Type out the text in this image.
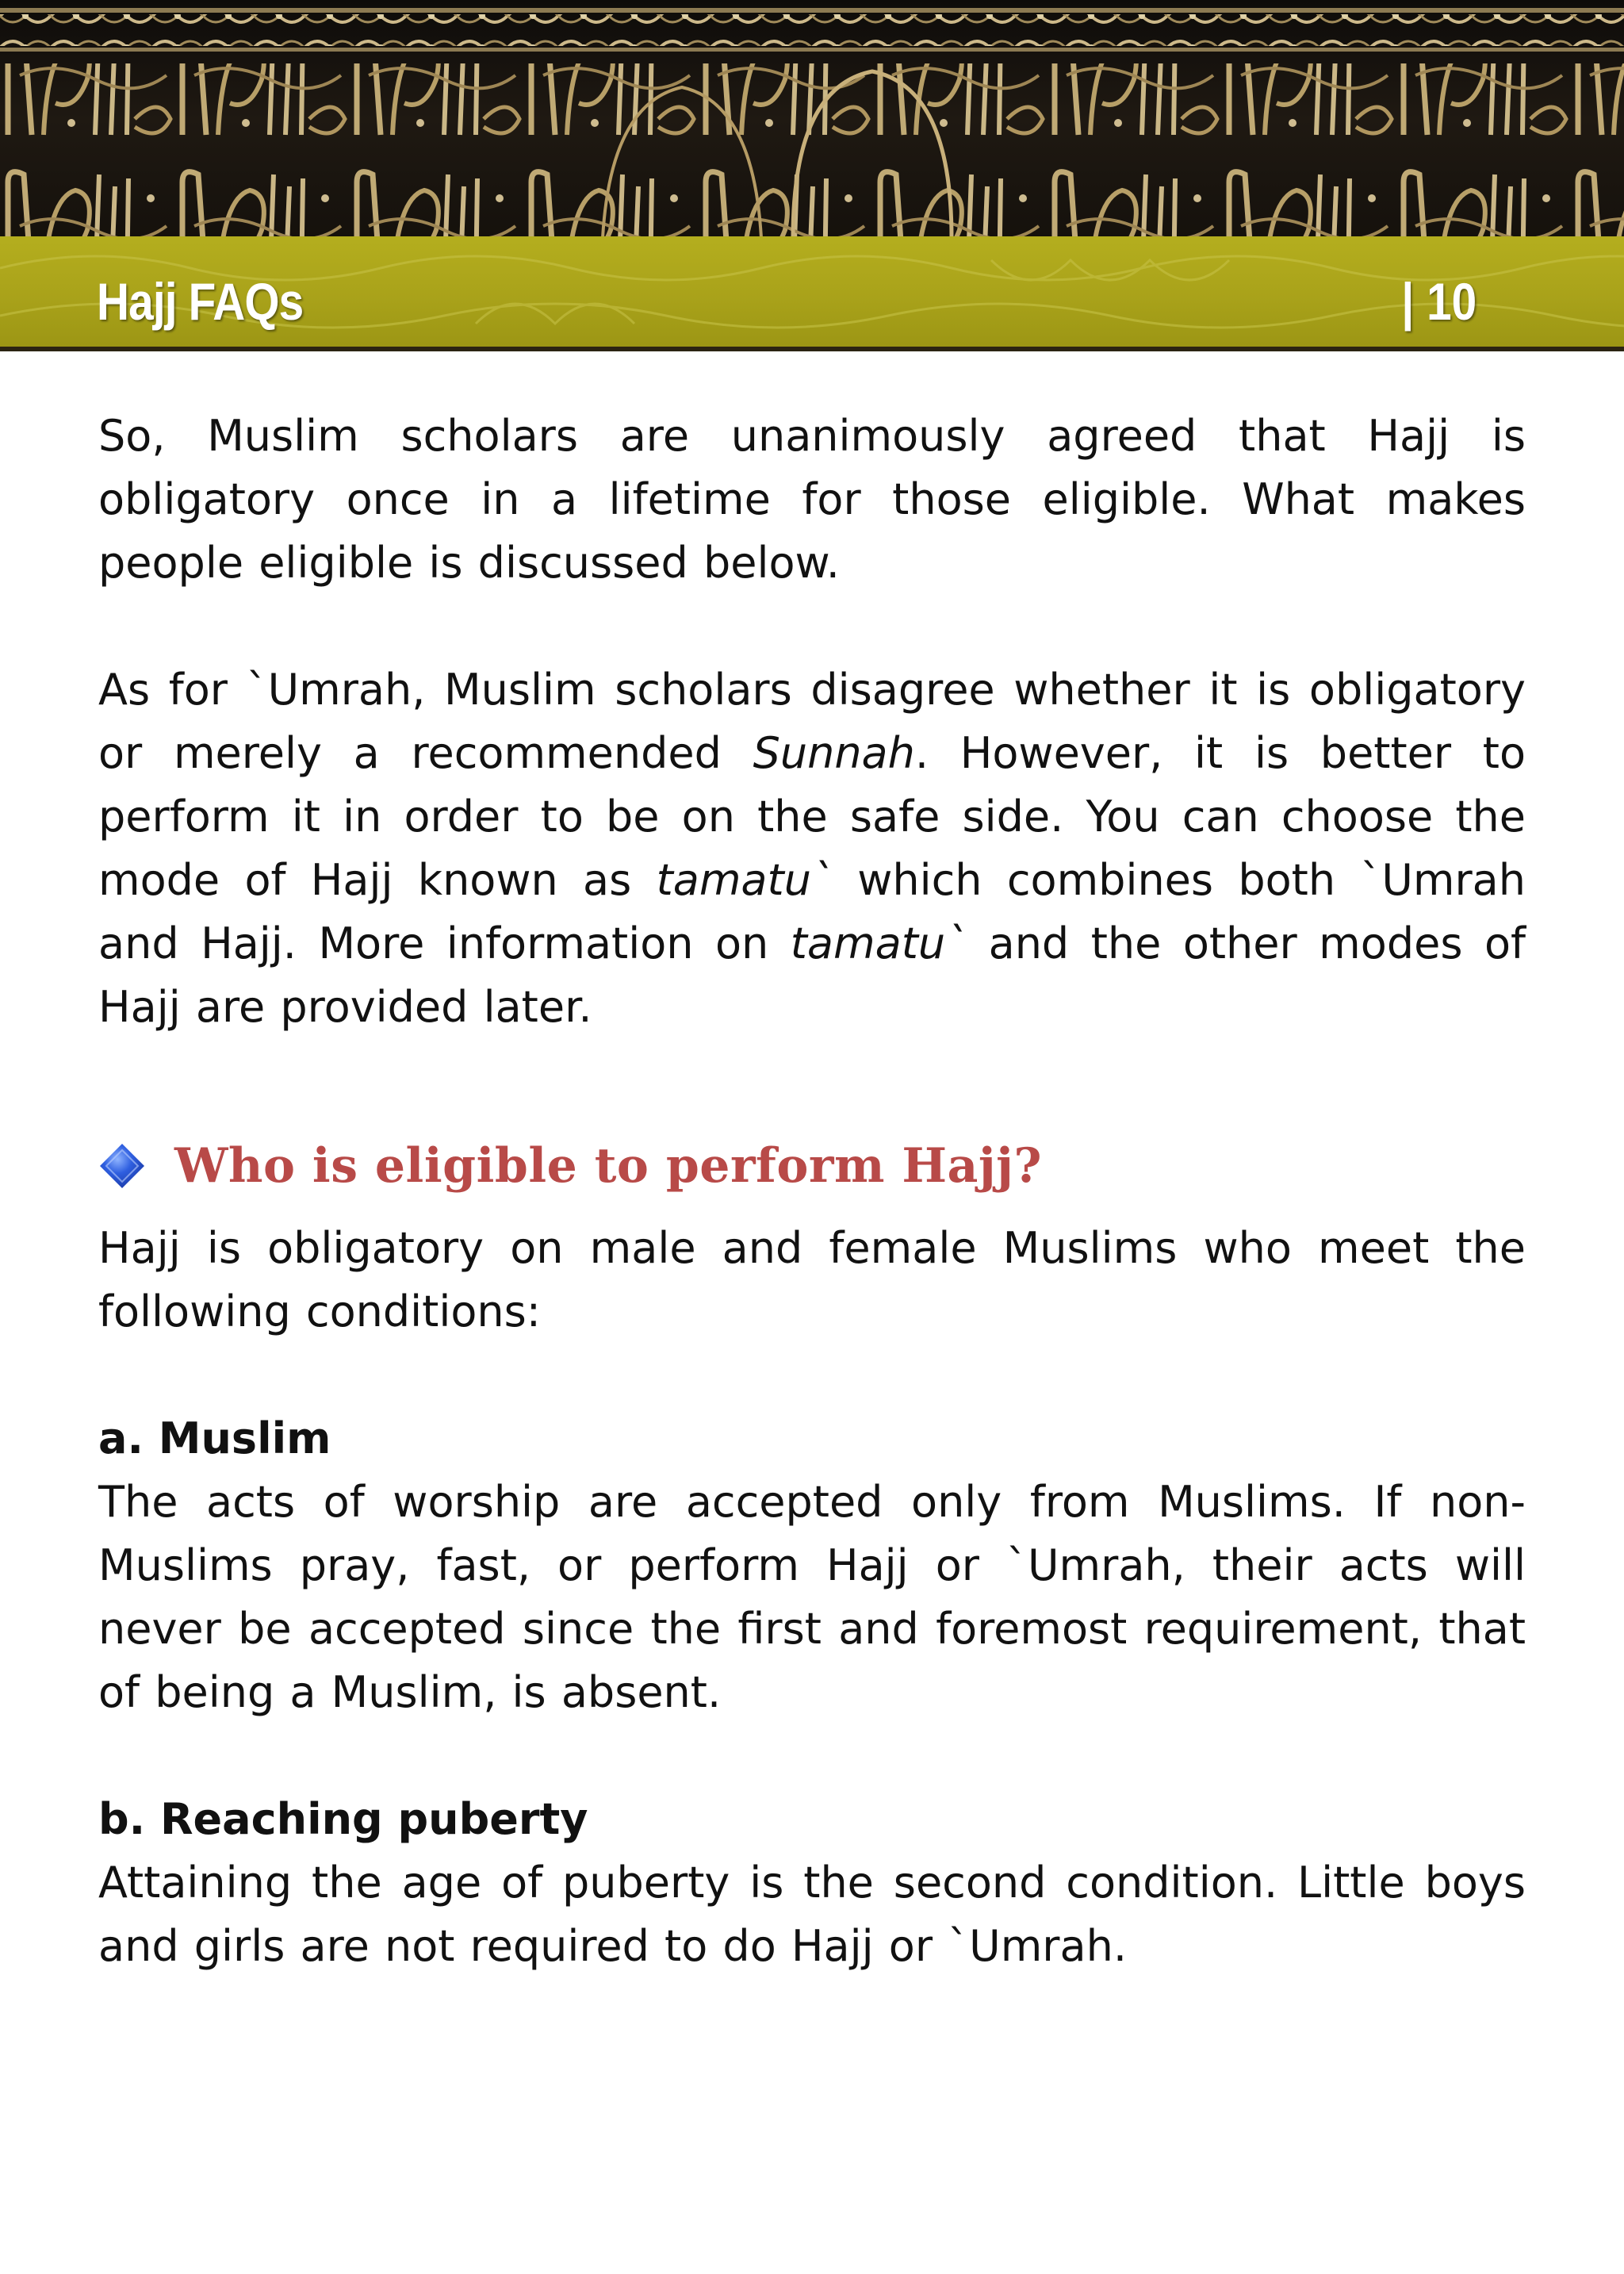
Hajj FAQs	| 10

So, Muslim scholars are unanimously agreed that Hajj is obligatory once in a lifetime for those eligible. What makes people eligible is discussed below.

As for `Umrah, Muslim scholars disagree whether it is obligatory or merely a recommended Sunnah. However, it is better to perform it in order to be on the safe side. You can choose the mode of Hajj known as tamatu` which combines both `Umrah and Hajj. More information on tamatu` and the other modes of Hajj are provided later.

Who is eligible to perform Hajj?

Hajj is obligatory on male and female Muslims who meet the following conditions:

a. Muslim

The acts of worship are accepted only from Muslims. If non-Muslims pray, fast, or perform Hajj or `Umrah, their acts will never be accepted since the first and foremost requirement, that of being a Muslim, is absent.

b. Reaching puberty

Attaining the age of puberty is the second condition. Little boys and girls are not required to do Hajj or `Umrah.
